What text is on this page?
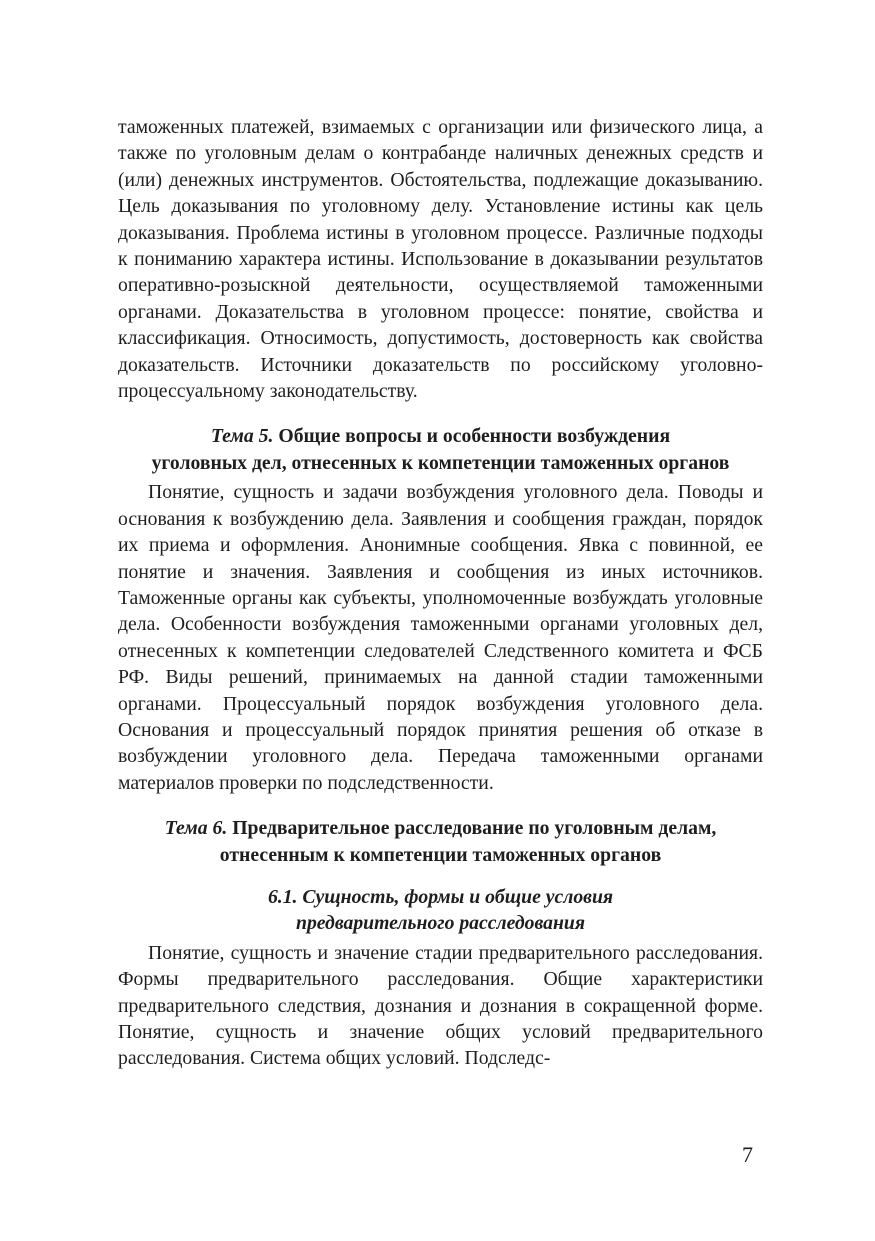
таможенных платежей, взимаемых с организации или физического лица, а также по уголовным делам о контрабанде наличных денежных средств и (или) денежных инструментов. Обстоятельства, подлежащие доказыванию. Цель доказывания по уголовному делу. Установление истины как цель доказывания. Проблема истины в уголовном процессе. Различные подходы к пониманию характера истины. Использование в доказывании результатов оперативно-розыскной деятельности, осуществляемой таможенными органами. Доказательства в уголовном процессе: понятие, свойства и классификация. Относимость, допустимость, достоверность как свойства доказательств. Источники доказательств по российскому уголовнопроцессуальному законодательству.

Тема 5. Общие вопросы и особенности возбуждения
уголовных дел, отнесенных к компетенции таможенных органов

Понятие, сущность и задачи возбуждения уголовного дела. Поводы и основания к возбуждению дела. Заявления и сообщения граждан, порядок их приема и оформления. Анонимные сообщения. Явка с повинной, ее понятие и значения. Заявления и сообщения из иных источников. Таможенные органы как субъекты, уполномоченные возбуждать уголовные дела. Особенности возбуждения таможенными органами уголовных дел, отнесенных к компетенции следователей Следственного комитета и ФСБ РФ. Виды решений, принимаемых на данной стадии таможенными органами. Процессуальный порядок возбуждения уголовного дела. Основания и процессуальный порядок принятия решения об отказе в возбуждении уголовного дела. Передача таможенными органами материалов проверки по подследственности.

Тема 6. Предварительное расследование по уголовным делам,
отнесенным к компетенции таможенных органов
6.1. Сущность, формы и общие условия
предварительного расследования

Понятие, сущность и значение стадии предварительного расследования. Формы предварительного расследования. Общие характеристики предварительного следствия, дознания и дознания в сокращенной форме. Понятие, сущность и значение общих условий предварительного расследования. Система общих условий. Подследс-

7
